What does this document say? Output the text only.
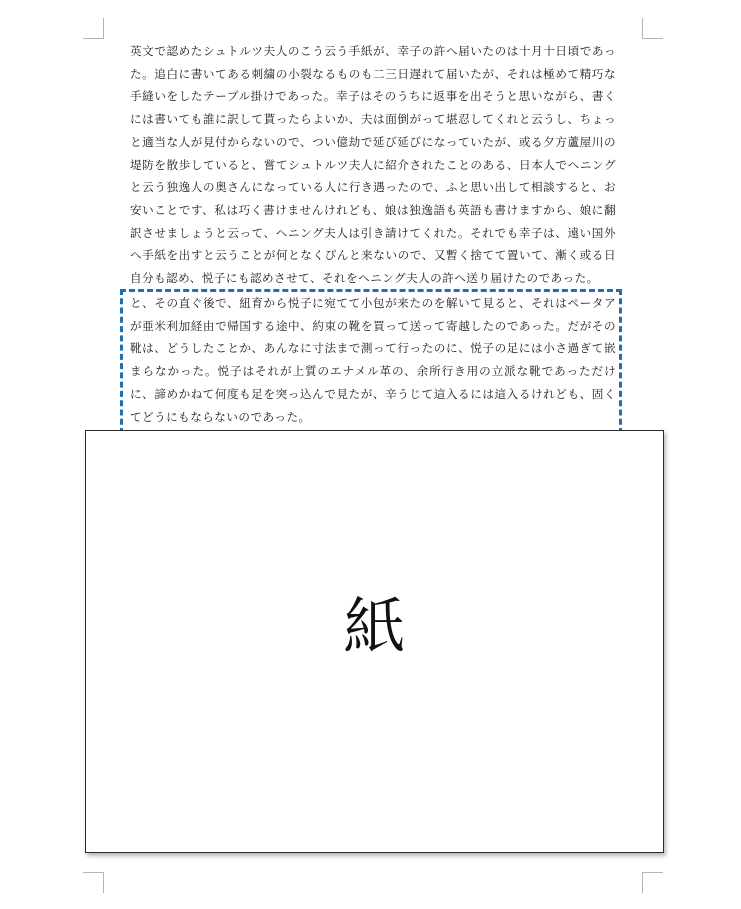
英文で認めたシュトルツ夫人のこう云う手紙が、幸子の許へ届いたのは十月十日頃であった。追白に書いてある刺繍の小裂なるものも二三日遅れて届いたが、それは極めて精巧な手縫いをしたテーブル掛けであった。幸子はそのうちに返事を出そうと思いながら、書くには書いても誰に訳して貰ったらよいか、夫は面倒がって堪忍してくれと云うし、ちょっと適当な人が見付からないので、つい億劫で延び延びになっていたが、或る夕方蘆屋川の堤防を散歩していると、嘗てシュトルツ夫人に紹介されたことのある、日本人でヘニングと云う独逸人の奥さんになっている人に行き遇ったので、ふと思い出して相談すると、お安いことです、私は巧く書けませんけれども、娘は独逸語も英語も書けますから、娘に翻訳させましょうと云って、ヘニング夫人は引き請けてくれた。それでも幸子は、遠い国外へ手紙を出すと云うことが何となくぴんと来ないので、又暫く捨てて置いて、漸く或る日自分も認め、悦子にも認めさせて、それをヘニング夫人の許へ送り届けたのであった。

と、その直ぐ後で、紐育から悦子に宛てて小包が来たのを解いて見ると、それはペータアが亜米利加経由で帰国する途中、約束の靴を買って送って寄越したのであった。だがその靴は、どうしたことか、あんなに寸法まで測って行ったのに、悦子の足には小さ過ぎて嵌まらなかった。悦子はそれが上質のエナメル革の、余所行き用の立派な靴であっただけに、諦めかねて何度も足を突っ込んで見たが、辛うじて這入るには這入るけれども、固くてどうにもならないのであった。

紙
